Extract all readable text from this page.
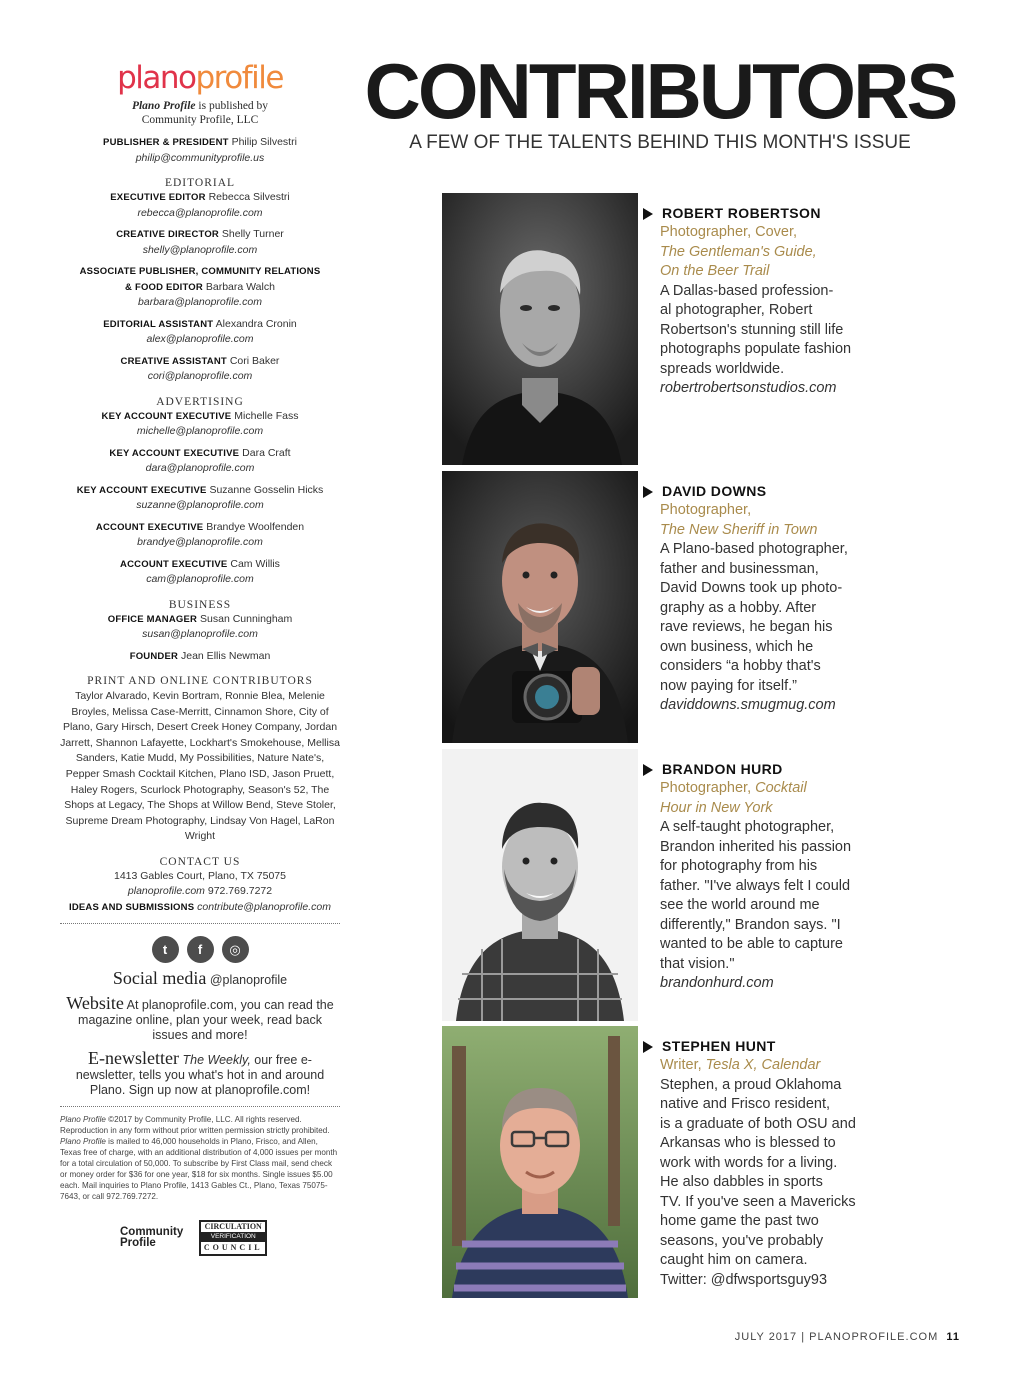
planoprofile
Plano Profile is published by
Community Profile, LLC
PUBLISHER & PRESIDENT Philip Silvestri
philip@communityprofile.us
EDITORIAL
EXECUTIVE EDITOR Rebecca Silvestri
rebecca@planoprofile.com
CREATIVE DIRECTOR Shelly Turner
shelly@planoprofile.com
ASSOCIATE PUBLISHER, COMMUNITY RELATIONS
& FOOD EDITOR Barbara Walch
barbara@planoprofile.com
EDITORIAL ASSISTANT Alexandra Cronin
alex@planoprofile.com
CREATIVE ASSISTANT Cori Baker
cori@planoprofile.com
ADVERTISING
KEY ACCOUNT EXECUTIVE Michelle Fass
michelle@planoprofile.com
KEY ACCOUNT EXECUTIVE Dara Craft
dara@planoprofile.com
KEY ACCOUNT EXECUTIVE Suzanne Gosselin Hicks
suzanne@planoprofile.com
ACCOUNT EXECUTIVE Brandye Woolfenden
brandye@planoprofile.com
ACCOUNT EXECUTIVE Cam Willis
cam@planoprofile.com
BUSINESS
OFFICE MANAGER Susan Cunningham
susan@planoprofile.com
FOUNDER Jean Ellis Newman
PRINT AND ONLINE CONTRIBUTORS
Taylor Alvarado, Kevin Bortram, Ronnie Blea, Melenie Broyles, Melissa Case-Merritt, Cinnamon Shore, City of Plano, Gary Hirsch, Desert Creek Honey Company, Jordan Jarrett, Shannon Lafayette, Lockhart's Smokehouse, Mellisa Sanders, Katie Mudd, My Possibilities, Nature Nate's, Pepper Smash Cocktail Kitchen, Plano ISD, Jason Pruett, Haley Rogers, Scurlock Photography, Season's 52, The Shops at Legacy, The Shops at Willow Bend, Steve Stoler, Supreme Dream Photography, Lindsay Von Hagel, LaRon Wright
CONTACT US
1413 Gables Court, Plano, TX 75075
planoprofile.com 972.769.7272
IDEAS AND SUBMISSIONS contribute@planoprofile.com
t	f	◎
Social media @planoprofile
Website At planoprofile.com, you can read the magazine online, plan your week, read back issues and more!
E-newsletter The Weekly, our free e-newsletter, tells you what's hot in and around Plano. Sign up now at planoprofile.com!
Plano Profile ©2017 by Community Profile, LLC. All rights reserved. Reproduction in any form without prior written permission strictly prohibited. Plano Profile is mailed to 46,000 households in Plano, Frisco, and Allen, Texas free of charge, with an additional distribution of 4,000 issues per month for a total circulation of 50,000. To subscribe by First Class mail, send check or money order for $36 for one year, $18 for six months. Single issues $5.00 each. Mail inquiries to Plano Profile, 1413 Gables Ct., Plano, Texas 75075-7643, or call 972.769.7272.
Community
Profile
CIRCULATION
VERIFICATION
COUNCIL
CONTRIBUTORS
A FEW OF THE TALENTS BEHIND THIS MONTH'S ISSUE
ROBERT ROBERTSON
Photographer, Cover,
The Gentleman's Guide,
On the Beer Trail
A Dallas-based profession-
al photographer, Robert
Robertson's stunning still life
photographs populate fashion
spreads worldwide.
robertrobertsonstudios.com
DAVID DOWNS
Photographer,
The New Sheriff in Town
A Plano-based photographer,
father and businessman,
David Downs took up photo-
graphy as a hobby. After
rave reviews, he began his
own business, which he
considers “a hobby that's
now paying for itself.”
daviddowns.smugmug.com
BRANDON HURD
Photographer, Cocktail
Hour in New York
A self-taught photographer,
Brandon inherited his passion
for photography from his
father. "I've always felt I could
see the world around me
differently," Brandon says. "I
wanted to be able to capture
that vision."
brandonhurd.com
STEPHEN HUNT
Writer, Tesla X, Calendar
Stephen, a proud Oklahoma
native and Frisco resident,
is a graduate of both OSU and
Arkansas who is blessed to
work with words for a living.
He also dabbles in sports
TV. If you've seen a Mavericks
home game the past two
seasons, you've probably
caught him on camera.
Twitter: @dfwsportsguy93
JULY 2017 | PLANOPROFILE.COM 11
